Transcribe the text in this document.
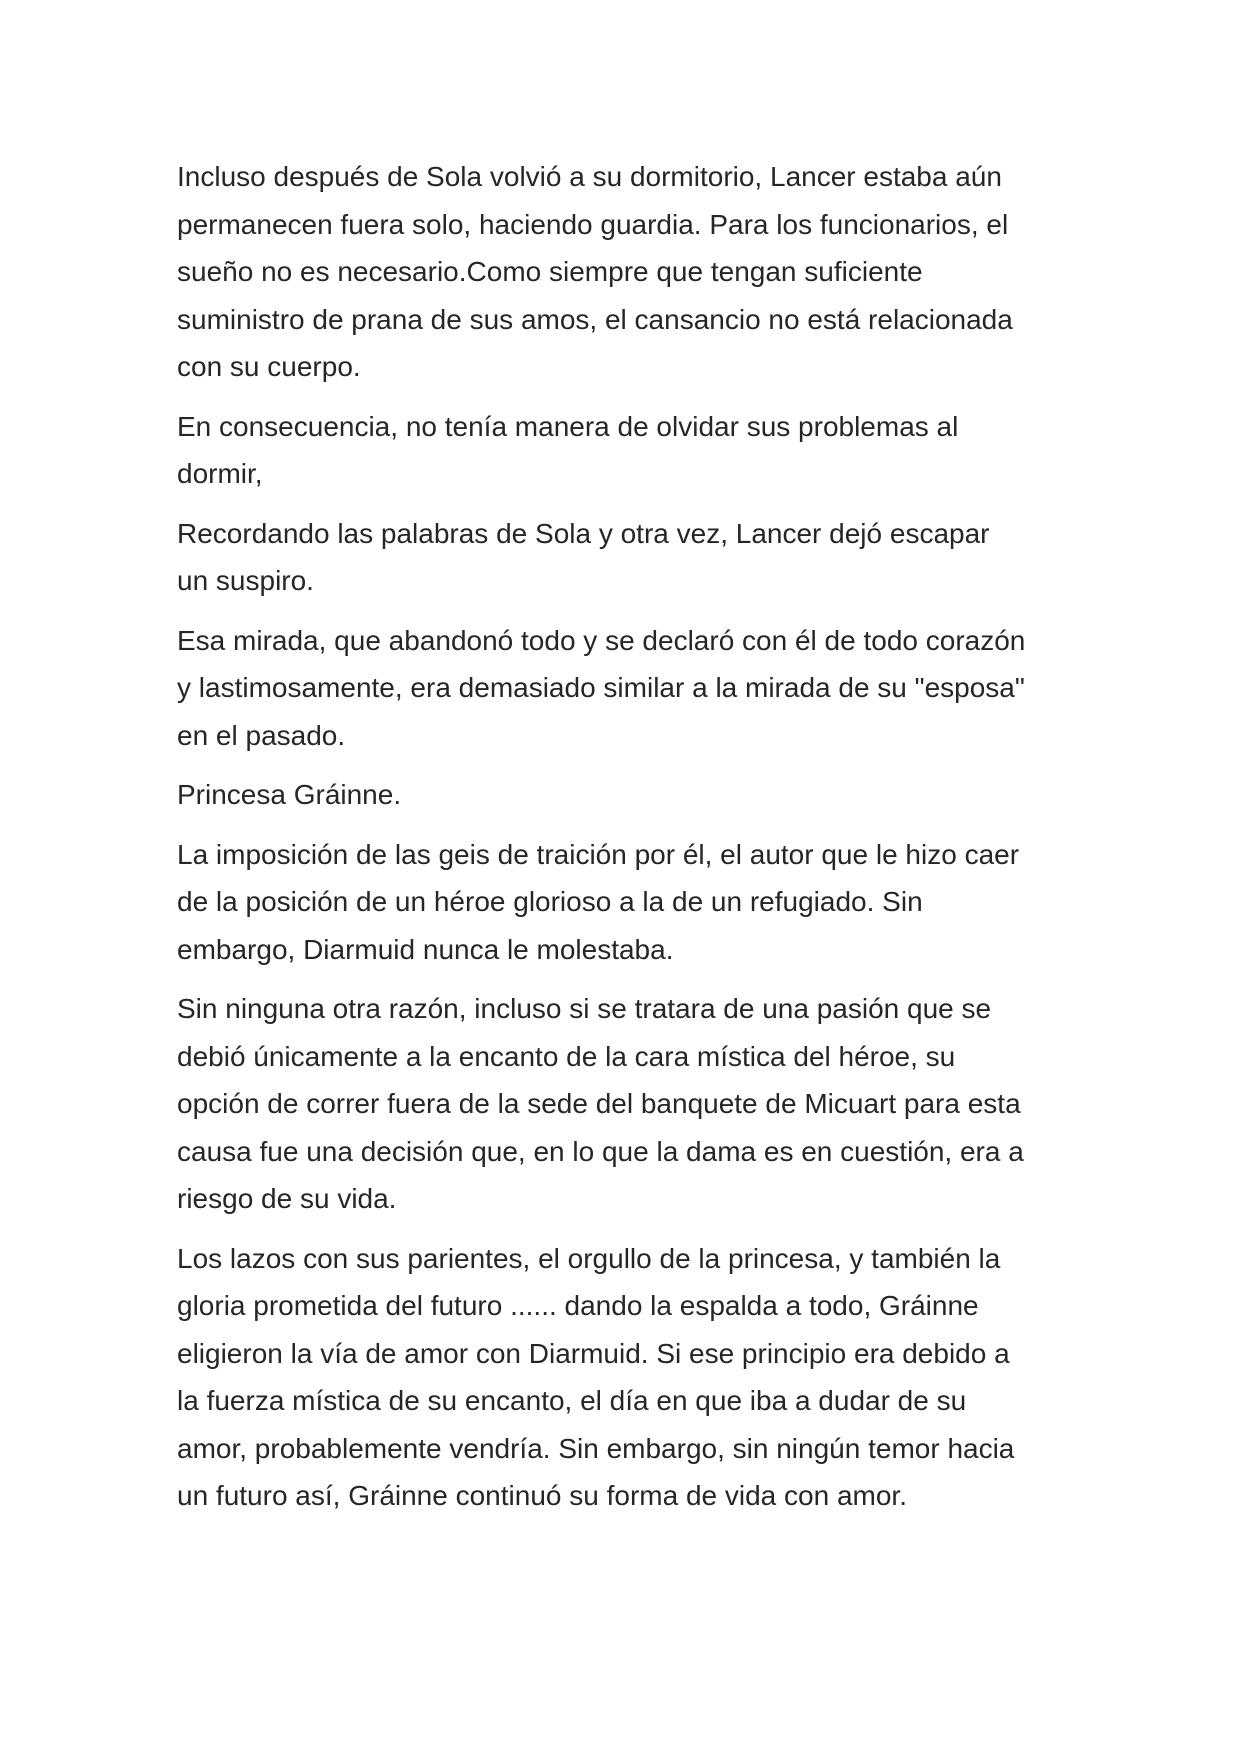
Incluso después de Sola volvió a su dormitorio, Lancer estaba aún
permanecen fuera solo, haciendo guardia. Para los funcionarios, el
sueño no es necesario.Como siempre que tengan suficiente
suministro de prana de sus amos, el cansancio no está relacionada
con su cuerpo.

En consecuencia, no tenía manera de olvidar sus problemas al
dormir,

Recordando las palabras de Sola y otra vez, Lancer dejó escapar
un suspiro.

Esa mirada, que abandonó todo y se declaró con él de todo corazón
y lastimosamente, era demasiado similar a la mirada de su "esposa"
en el pasado.

Princesa Gráinne.

La imposición de las geis de traición por él, el autor que le hizo caer
de la posición de un héroe glorioso a la de un refugiado. Sin
embargo, Diarmuid nunca le molestaba.

Sin ninguna otra razón, incluso si se tratara de una pasión que se
debió únicamente a la encanto de la cara mística del héroe, su
opción de correr fuera de la sede del banquete de Micuart para esta
causa fue una decisión que, en lo que la dama es en cuestión, era a
riesgo de su vida.

Los lazos con sus parientes, el orgullo de la princesa, y también la
gloria prometida del futuro ...... dando la espalda a todo, Gráinne
eligieron la vía de amor con Diarmuid. Si ese principio era debido a
la fuerza mística de su encanto, el día en que iba a dudar de su
amor, probablemente vendría. Sin embargo, sin ningún temor hacia
un futuro así, Gráinne continuó su forma de vida con amor.
